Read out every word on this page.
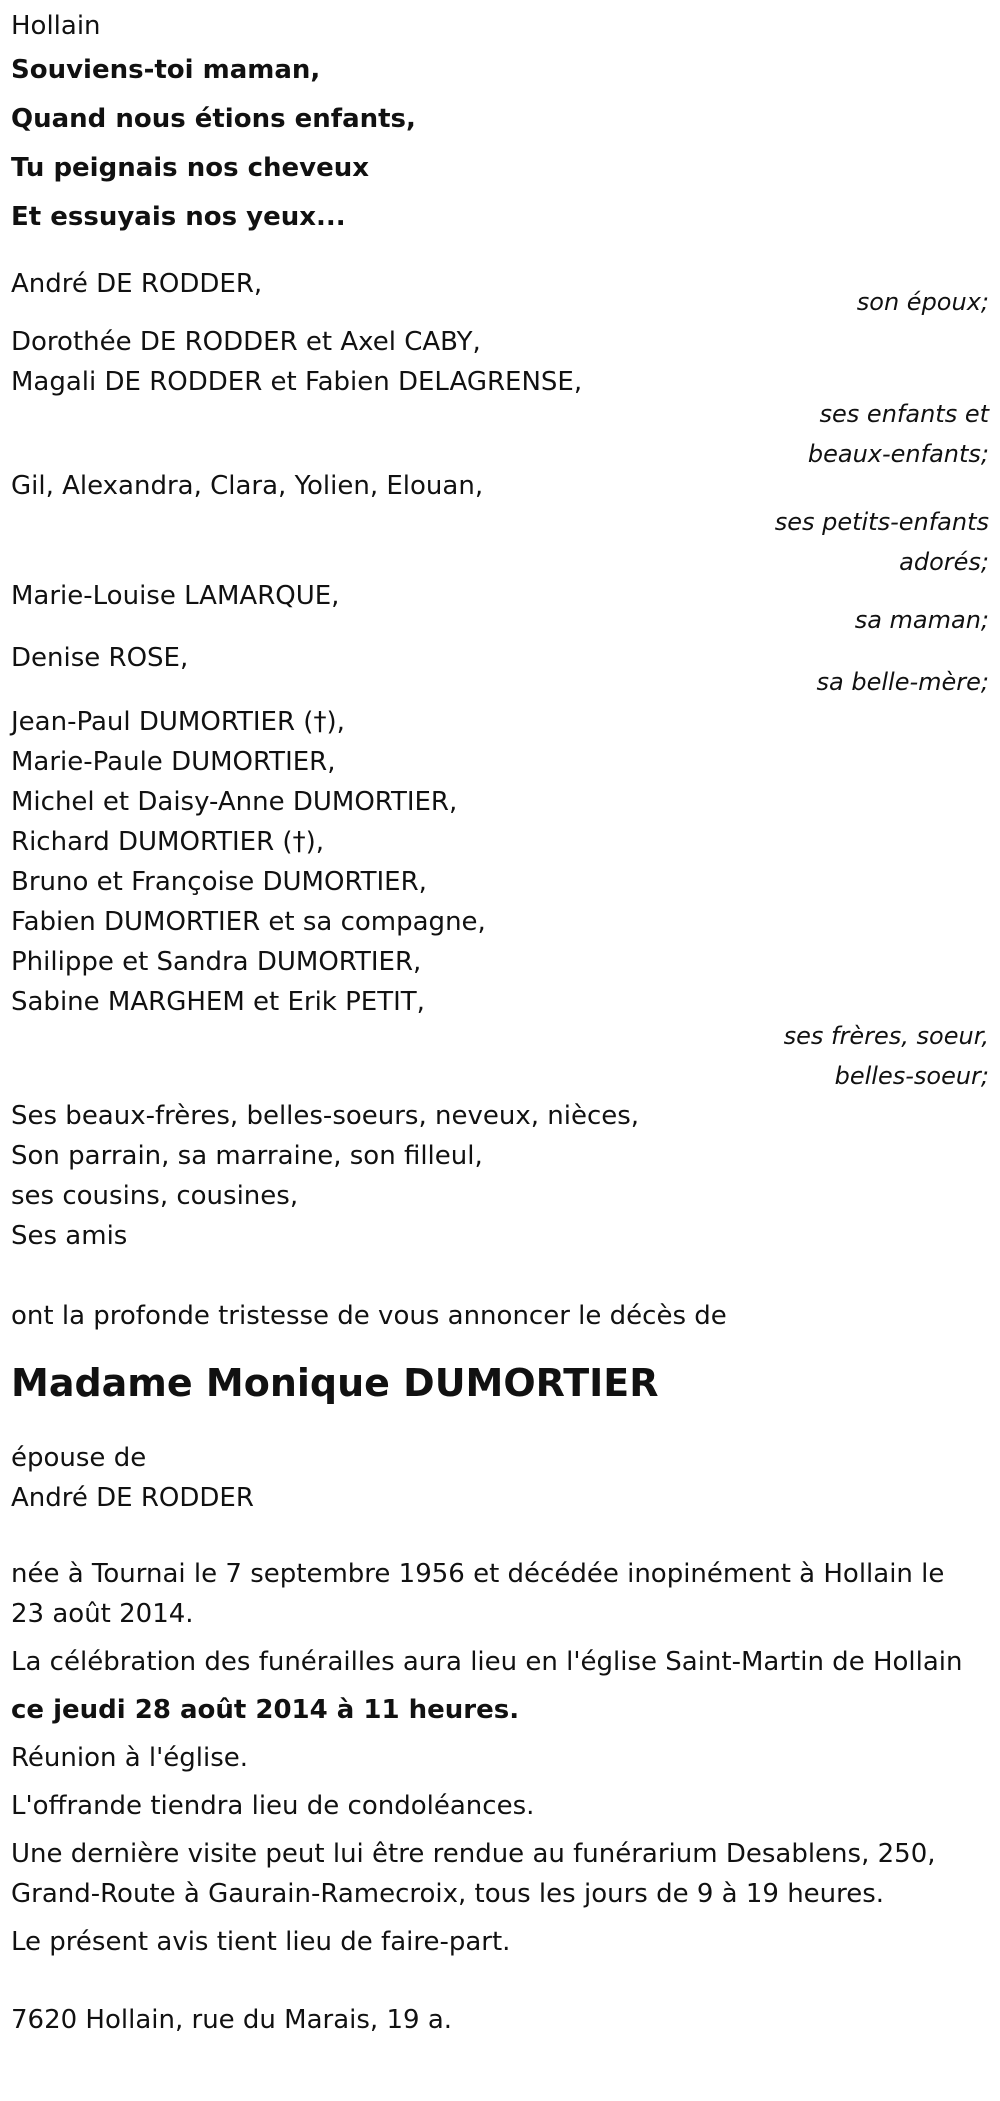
Hollain

Souviens-toi maman,

Quand nous étions enfants,

Tu peignais nos cheveux

Et essuyais nos yeux...

André DE RODDER,
son époux;
Dorothée DE RODDER et Axel CABY,
Magali DE RODDER et Fabien DELAGRENSE,
ses enfants et
beaux-enfants;
Gil, Alexandra, Clara, Yolien, Elouan,
ses petits-enfants
adorés;
Marie-Louise LAMARQUE,
sa maman;
Denise ROSE,
sa belle-mère;
Jean-Paul DUMORTIER (†),
Marie-Paule DUMORTIER,
Michel et Daisy-Anne DUMORTIER,
Richard DUMORTIER (†),
Bruno et Françoise DUMORTIER,
Fabien DUMORTIER et sa compagne,
Philippe et Sandra DUMORTIER,
Sabine MARGHEM et Erik PETIT,
ses frères, soeur,
belles-soeur;
Ses beaux-frères, belles-soeurs, neveux, nièces,
Son parrain, sa marraine, son filleul,
ses cousins, cousines,
Ses amis
ont la profonde tristesse de vous annoncer le décès de
Madame Monique DUMORTIER
épouse de
André DE RODDER
née à Tournai le 7 septembre 1956 et décédée inopinément à Hollain le
23 août 2014.
La célébration des funérailles aura lieu en l'église Saint-Martin de Hollain
ce jeudi 28 août 2014 à 11 heures.
Réunion à l'église.
L'offrande tiendra lieu de condoléances.
Une dernière visite peut lui être rendue au funérarium Desablens, 250,
Grand-Route à Gaurain-Ramecroix, tous les jours de 9 à 19 heures.
Le présent avis tient lieu de faire-part.
7620 Hollain, rue du Marais, 19 a.
